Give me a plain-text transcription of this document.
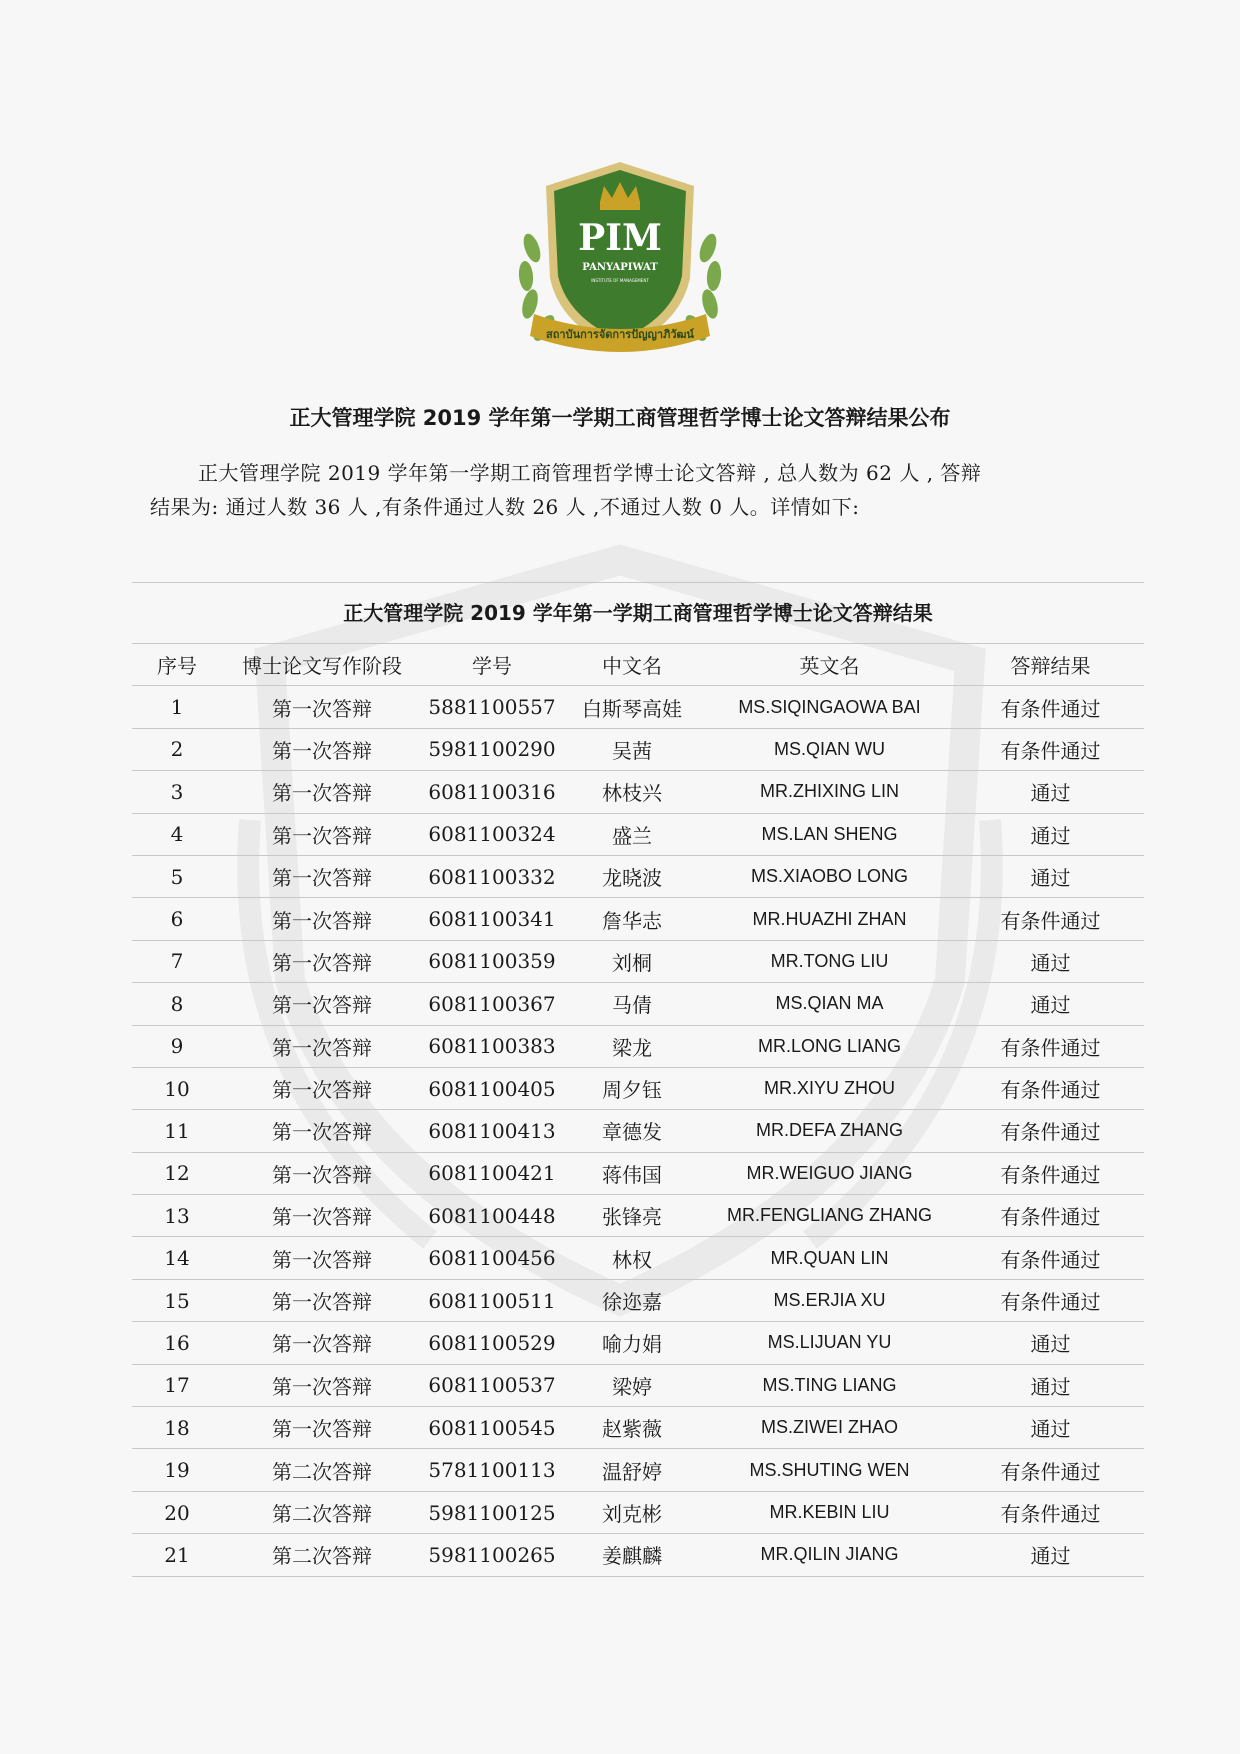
PIM
PANYAPIWAT
INSTITUTE OF MANAGEMENT
สถาบันการจัดการปัญญาภิวัฒน์
正大管理学院 2019 学年第一学期工商管理哲学博士论文答辩结果公布

正大管理学院 2019 学年第一学期工商管理哲学博士论文答辩 , 总人数为 62 人 , 答辩

结果为: 通过人数 36 人 ,有条件通过人数 26 人 ,不通过人数 0 人。详情如下:

正大管理学院 2019 学年第一学期工商管理哲学博士论文答辩结果
序号	博士论文写作阶段	学号	中文名	英文名	答辩结果
1	第一次答辩	5881100557	白斯琴高娃	MS.SIQINGAOWA BAI	有条件通过
2	第一次答辩	5981100290	吴茜	MS.QIAN WU	有条件通过
3	第一次答辩	6081100316	林枝兴	MR.ZHIXING LIN	通过
4	第一次答辩	6081100324	盛兰	MS.LAN SHENG	通过
5	第一次答辩	6081100332	龙晓波	MS.XIAOBO LONG	通过
6	第一次答辩	6081100341	詹华志	MR.HUAZHI ZHAN	有条件通过
7	第一次答辩	6081100359	刘桐	MR.TONG LIU	通过
8	第一次答辩	6081100367	马倩	MS.QIAN MA	通过
9	第一次答辩	6081100383	梁龙	MR.LONG LIANG	有条件通过
10	第一次答辩	6081100405	周夕钰	MR.XIYU ZHOU	有条件通过
11	第一次答辩	6081100413	章德发	MR.DEFA ZHANG	有条件通过
12	第一次答辩	6081100421	蒋伟国	MR.WEIGUO JIANG	有条件通过
13	第一次答辩	6081100448	张锋亮	MR.FENGLIANG ZHANG	有条件通过
14	第一次答辩	6081100456	林权	MR.QUAN LIN	有条件通过
15	第一次答辩	6081100511	徐迩嘉	MS.ERJIA XU	有条件通过
16	第一次答辩	6081100529	喻力娟	MS.LIJUAN YU	通过
17	第一次答辩	6081100537	梁婷	MS.TING LIANG	通过
18	第一次答辩	6081100545	赵紫薇	MS.ZIWEI ZHAO	通过
19	第二次答辩	5781100113	温舒婷	MS.SHUTING WEN	有条件通过
20	第二次答辩	5981100125	刘克彬	MR.KEBIN LIU	有条件通过
21	第二次答辩	5981100265	姜麒麟	MR.QILIN JIANG	通过
